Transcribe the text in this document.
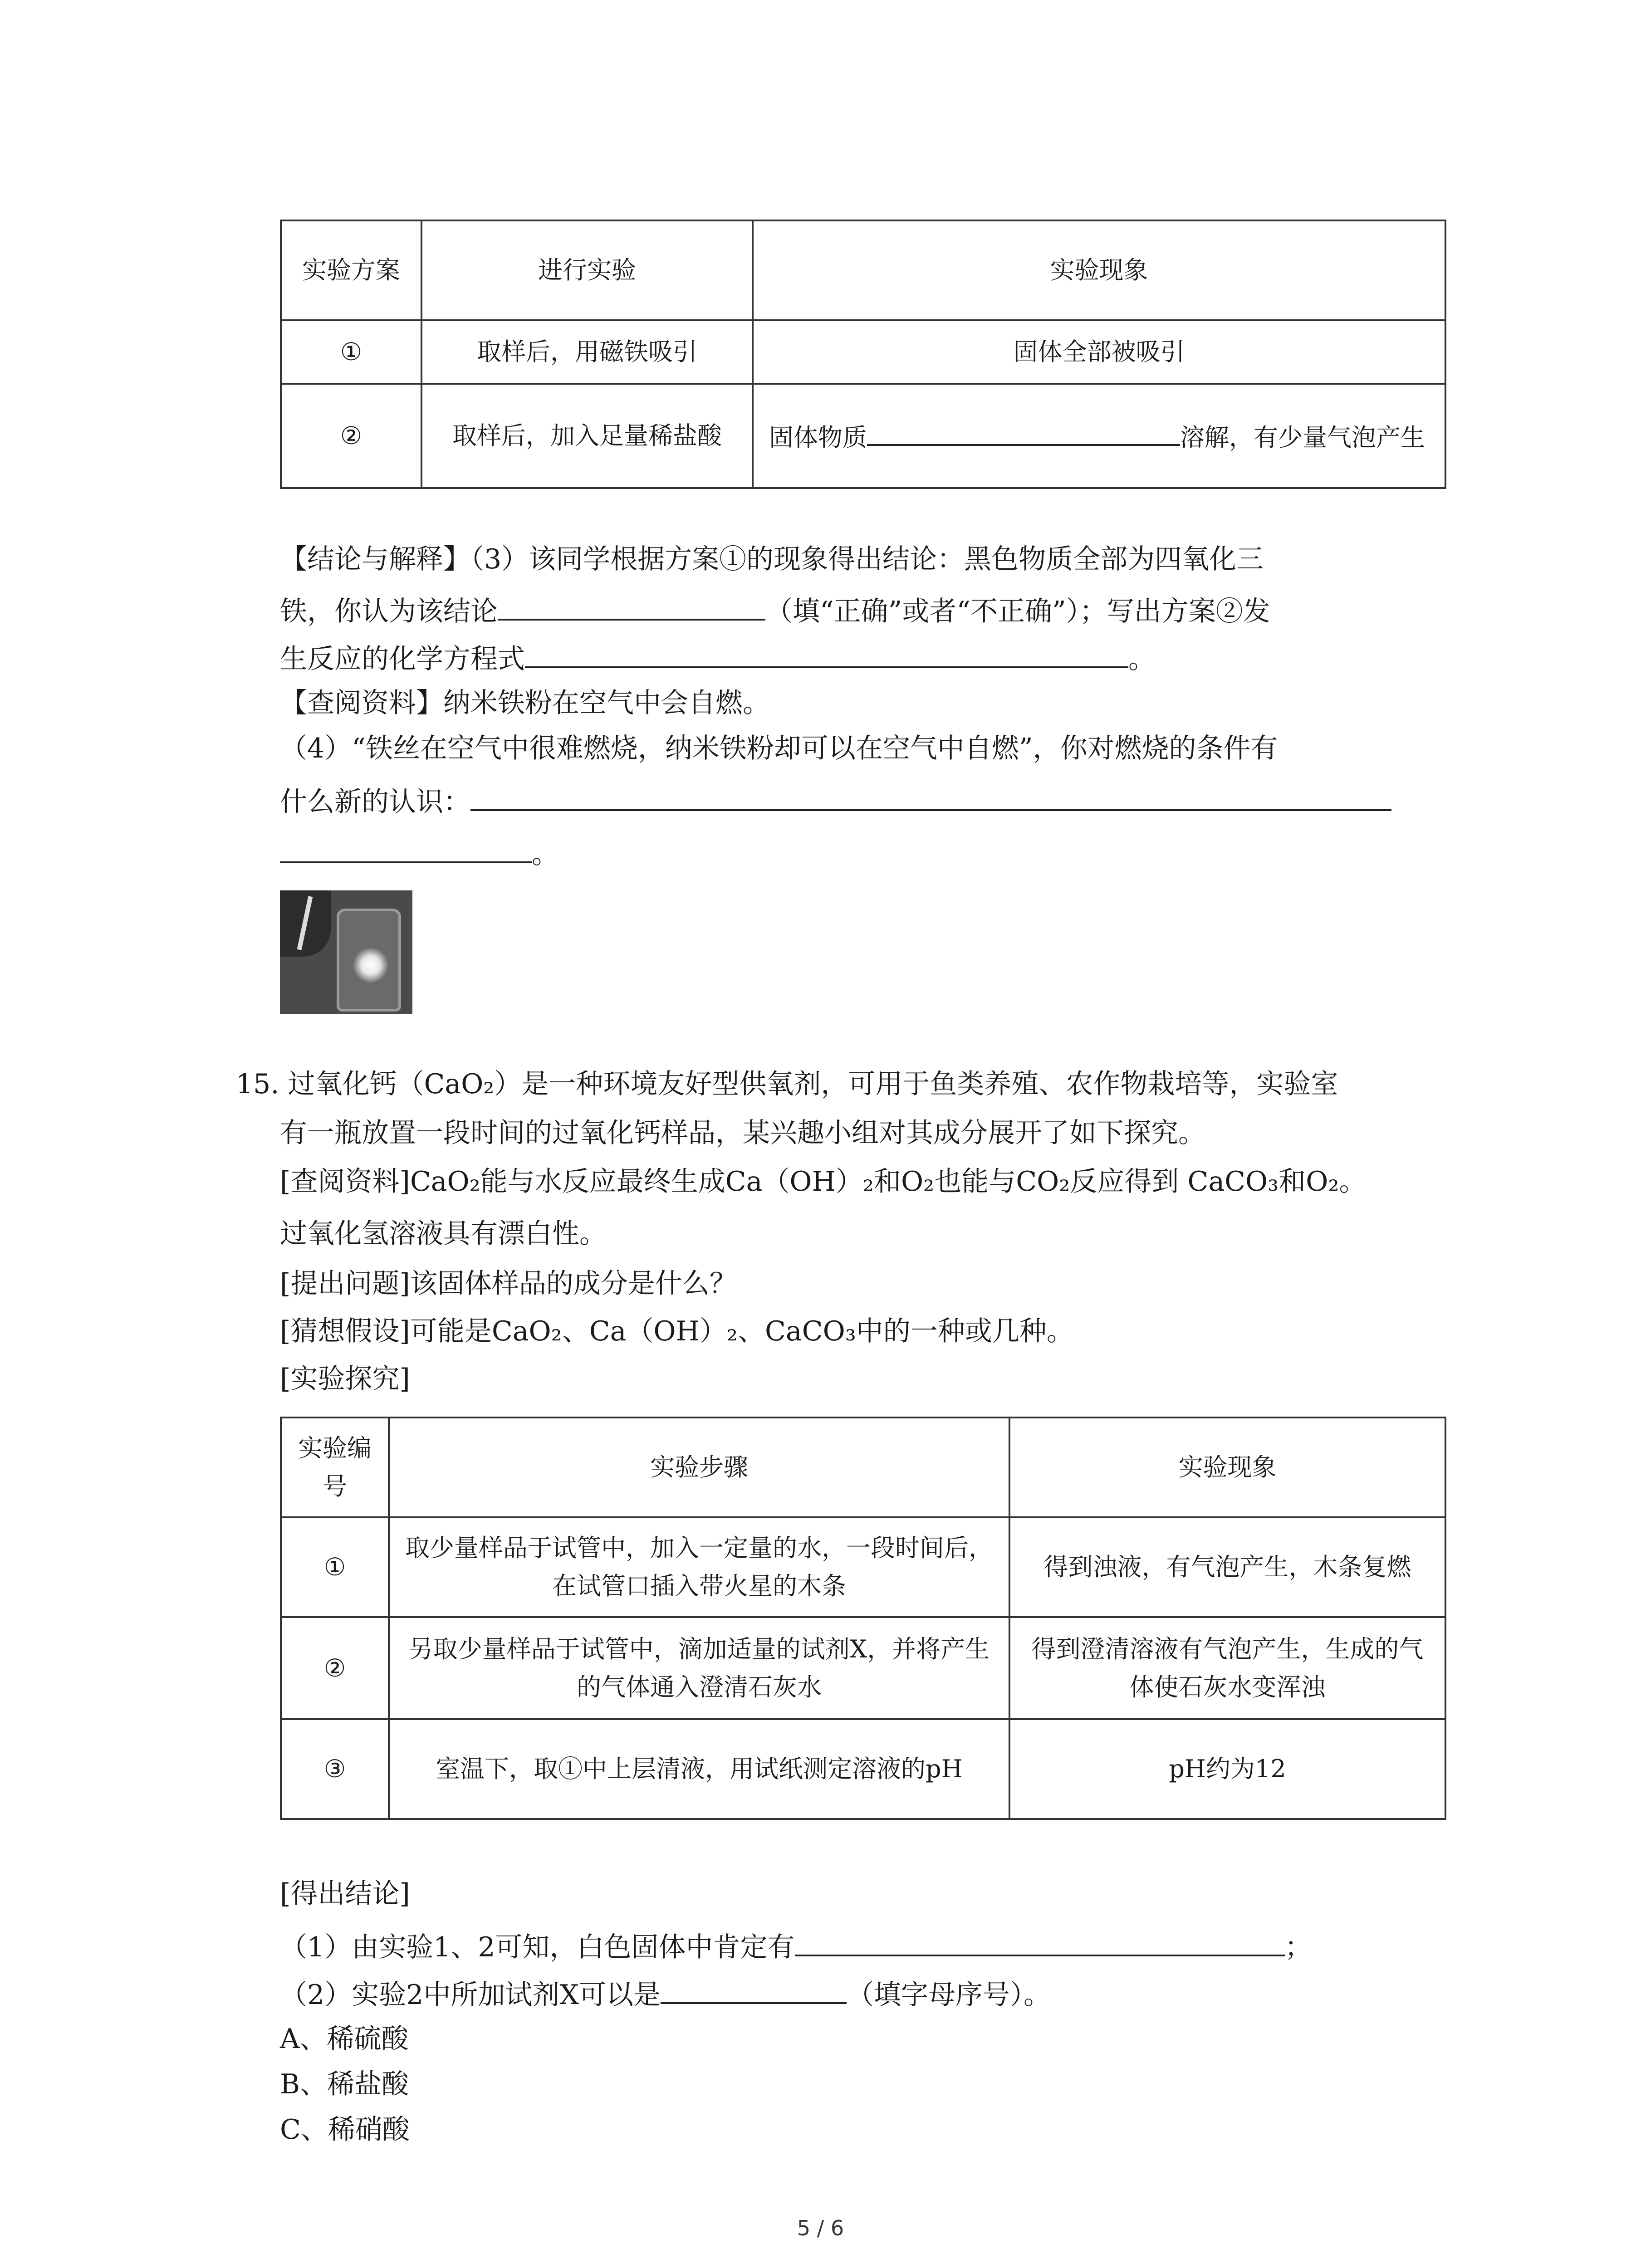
实验方案	进行实验	实验现象
①	取样后，用磁铁吸引	固体全部被吸引
②	取样后，加入足量稀盐酸	固体物质 溶解，有少量气泡产生
【结论与解释】（3）该同学根据方案①的现象得出结论：黑色物质全部为四氧化三
铁，你认为该结论	（填“正确”或者“不正确”）；写出方案②发
生反应的化学方程式	。
【查阅资料】纳米铁粉在空气中会自燃。
（4）“铁丝在空气中很难燃烧，纳米铁粉却可以在空气中自燃”，你对燃烧的条件有
什么新的认识：
。
15. 过氧化钙（CaO₂）是一种环境友好型供氧剂，可用于鱼类养殖、农作物栽培等，实验室
有一瓶放置一段时间的过氧化钙样品，某兴趣小组对其成分展开了如下探究。
[查阅资料]CaO₂能与水反应最终生成Ca（OH）₂和O₂也能与CO₂反应得到 CaCO₃和O₂。
过氧化氢溶液具有漂白性。
[提出问题]该固体样品的成分是什么？
[猜想假设]可能是CaO₂、Ca（OH）₂、CaCO₃中的一种或几种。
[实验探究]
实验编号	实验步骤	实验现象
①	取少量样品于试管中，加入一定量的水，一段时间后，在试管口插入带火星的木条	得到浊液，有气泡产生，木条复燃
②	另取少量样品于试管中，滴加适量的试剂X，并将产生的气体通入澄清石灰水	得到澄清溶液有气泡产生，生成的气体使石灰水变浑浊
③	室温下，取①中上层清液，用试纸测定溶液的pH	pH约为12
[得出结论]
（1）由实验1、2可知，白色固体中肯定有	；
（2）实验2中所加试剂X可以是	（填字母序号）。
A、稀硫酸
B、稀盐酸
C、稀硝酸
5 / 6
